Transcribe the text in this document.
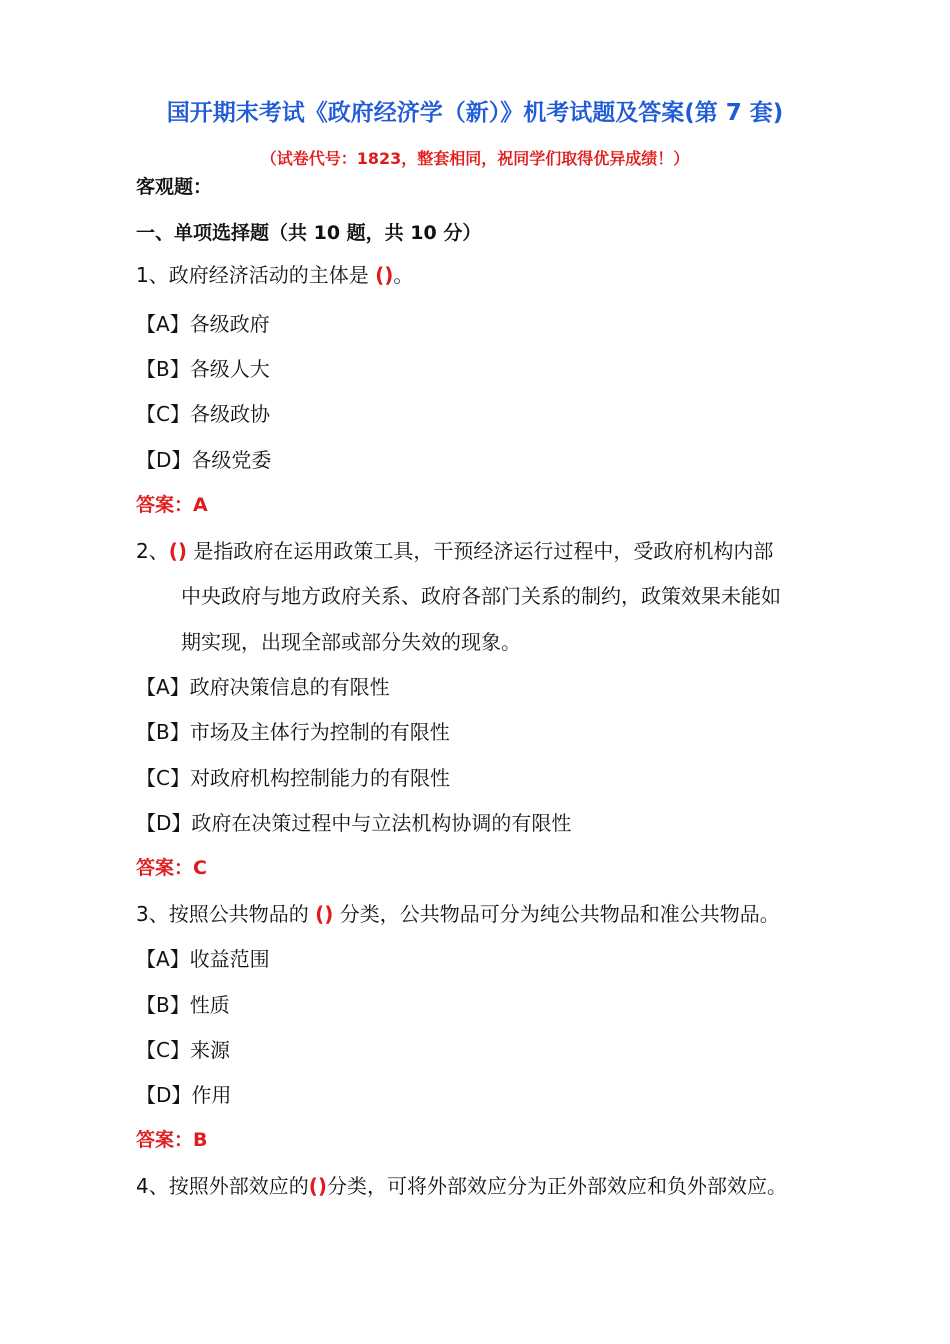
国开期末考试《政府经济学（新）》机考试题及答案(第 7 套)
（试卷代号：1823，整套相同，祝同学们取得优异成绩！）
客观题：
一、单项选择题（共 10 题，共 10 分）
1、政府经济活动的主体是 ()。
【A】各级政府
【B】各级人大
【C】各级政协
【D】各级党委
答案：A
2、() 是指政府在运用政策工具，干预经济运行过程中，受政府机构内部
中央政府与地方政府关系、政府各部门关系的制约，政策效果未能如
期实现，出现全部或部分失效的现象。
【A】政府决策信息的有限性
【B】市场及主体行为控制的有限性
【C】对政府机构控制能力的有限性
【D】政府在决策过程中与立法机构协调的有限性
答案：C
3、按照公共物品的 () 分类，公共物品可分为纯公共物品和准公共物品。
【A】收益范围
【B】性质
【C】来源
【D】作用
答案：B
4、按照外部效应的()分类，可将外部效应分为正外部效应和负外部效应。
